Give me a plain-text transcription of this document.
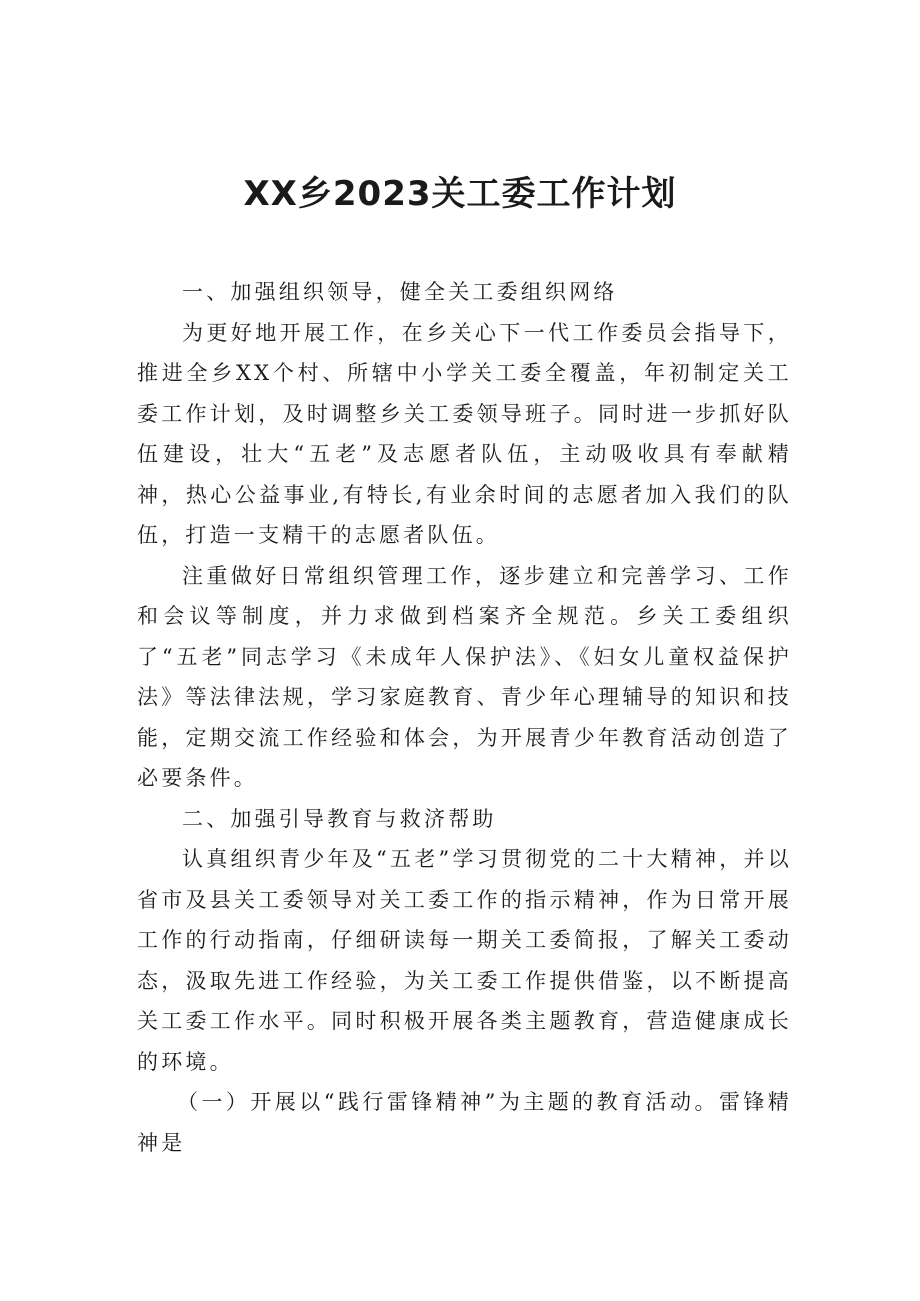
XX乡2023关工委工作计划

一、加强组织领导，健全关工委组织网络

为更好地开展工作，在乡关心下一代工作委员会指导下，推进全乡XX个村、所辖中小学关工委全覆盖，年初制定关工委工作计划，及时调整乡关工委领导班子。同时进一步抓好队伍建设，壮大“五老”及志愿者队伍，主动吸收具有奉献精神，热心公益事业,有特长,有业余时间的志愿者加入我们的队伍，打造一支精干的志愿者队伍。

注重做好日常组织管理工作，逐步建立和完善学习、工作和会议等制度，并力求做到档案齐全规范。乡关工委组织了“五老”同志学习《未成年人保护法》、《妇女儿童权益保护法》等法律法规，学习家庭教育、青少年心理辅导的知识和技能，定期交流工作经验和体会，为开展青少年教育活动创造了必要条件。

二、加强引导教育与救济帮助

认真组织青少年及“五老”学习贯彻党的二十大精神，并以省市及县关工委领导对关工委工作的指示精神，作为日常开展工作的行动指南，仔细研读每一期关工委简报，了解关工委动态，汲取先进工作经验，为关工委工作提供借鉴，以不断提高关工委工作水平。同时积极开展各类主题教育，营造健康成长的环境。

（一）开展以“践行雷锋精神”为主题的教育活动。雷锋精神是
